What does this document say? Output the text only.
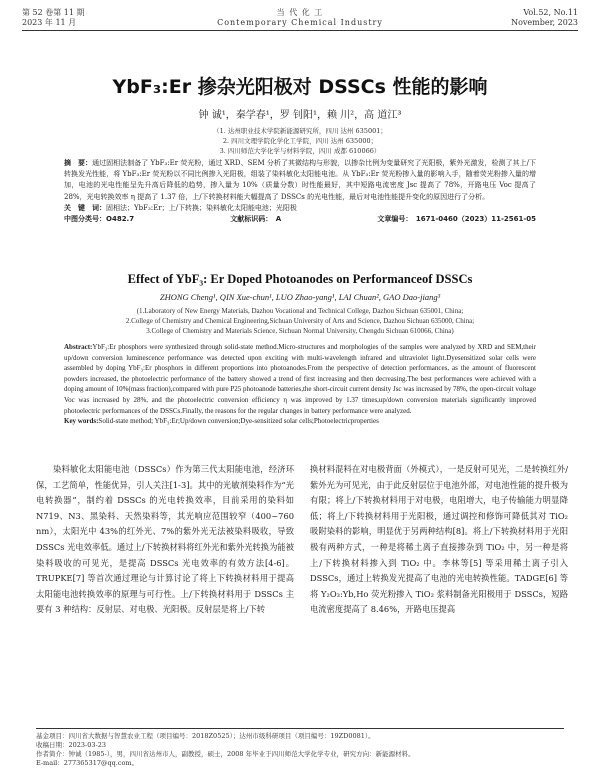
第 52 卷第 11 期
2023 年 11 月
当 代 化 工
Contemporary Chemical Industry
Vol.52, No.11
November, 2023
YbF₃:Er 掺杂光阳极对 DSSCs 性能的影响
钟 诚¹，秦学春¹，罗 钊阳¹，赖 川²，高 道江³
（1. 达州职业技术学院新能源研究所，四川 达州 635001；
2. 四川文理学院化学化工学院，四川 达州 635000；
3. 四川师范大学化学与材料学院，四川 成都 610066）
摘　要：通过固相法制备了 YbF₃:Er 荧光粉，通过 XRD、SEM 分析了其微结构与形貌，以掺杂比例为变量研究了光阳极，紫外光激发，检测了其上/下转换发光性能，将 YbF₃:Er 荧光粉以不同比例掺入光阳极，组装了染料敏化太阳能电池。从 YbF₃:Er 荧光粉掺入量的影响入手，随着荧光粉掺入量的增加，电池的光电性能呈先升高后降低的趋势，掺入量为 10%（质量分数）时性能最好，其中短路电流密度 Jsc 提高了 78%，开路电压 Voc 提高了 28%，光电转换效率 η 提高了 1.37 倍，上/下转换材料能大幅提高了 DSSCs 的光电性能，最后对电池性能提升变化的原因进行了分析。
关　键　词：固相法；YbF₃:Er；上/下转换；染料敏化太阳能电池；光阳极
中图分类号：O482.7	文献标识码：　A	文章编号：　1671-0460（2023）11-2561-05
Effect of YbF₃: Er Doped Photoanodes on Performanceof DSSCs
ZHONG Cheng¹, QIN Xue-chun¹, LUO Zhao-yang¹, LAI Chuan², GAO Dao-jiang³
(1.Laboratory of New Energy Materials, Dazhou Vocational and Technical College, Dazhou Sichuan 635001, China;
2.College of Chemistry and Chemical Engineering,Sichuan University of Arts and Science, Dazhou Sichuan 635000, China;
3.College of Chemistry and Materials Science, Sichuan Normal University, Chengdu Sichuan 610066, China)
Abstract:YbF₃:Er phosphors were synthesized through solid-state method.Micro-structures and morphologies of the samples were analyzed by XRD and SEM,their up/down conversion luminescence performance was detected upon exciting with multi-wavelength infrared and ultraviolet light.Dyesensitized solar cells were assembled by doping YbF₃:Er phosphors in different proportions into photoanodes.From the perspective of detection performances, as the amount of fluorescent powders increased, the photoelectric performance of the battery showed a trend of first increasing and then decreasing.The best performances were achieved with a doping amount of 10%(mass fraction),compared with pure P25 photoanode batteries,the short-circuit current density Jsc was increased by 78%, the open-circuit voltage Voc was increased by 28%, and the photoelectric conversion efficiency η was improved by 1.37 times,up/down conversion materials significantly improved photoelectric performances of the DSSCs.Finally, the reasons for the regular changes in battery performance were analyzed.
Key words:Solid-state method; YbF₃:Er;Up/down conversion;Dye-sensitized solar cells;Photoelectricproperties
　　染料敏化太阳能电池（DSSCs）作为第三代太阳能电池，经济环保，工艺简单，性能优异，引人关注[1-3]。其中的光敏剂染料作为“光电转换器”，制约着 DSSCs 的光电转换效率，目前采用的染料如 N719、N3、黑染料、天然染料等，其光响应范围较窄（400~760 nm），太阳光中 43%的红外光、7%的紫外光无法被染料吸收，导致 DSSCs 光电效率低。通过上/下转换材料将红外光和紫外光转换为能被染料吸收的可见光，是提高 DSSCs 光电效率的有效方法[4-6]。TRUPKE[7] 等首次通过理论与计算讨论了将上下转换材料用于提高太阳能电池转换效率的原理与可行性。上/下转换材料用于 DSSCs 主要有 3 种结构：反射层、对电极、光阳极。反射层是将上/下转
换材料混料在对电极背面（外模式），一是反射可见光，二是转换红外/紫外光为可见光，由于此反射层位于电池外部，对电池性能的提升极为有限；将上/下转换材料用于对电极，电阻增大，电子传输能力明显降低；将上/下转换材料用于光阳极，通过调控和修饰可降低其对 TiO₂ 吸附染料的影响，明显优于另两种结构[8]。将上/下转换材料用于光阳极有两种方式，一种是将稀土离子直接掺杂到 TiO₂ 中，另一种是将上/下转换材料掺入到 TiO₂ 中。李林等[5] 等采用稀土离子引入 DSSCs，通过上转换发光提高了电池的光电转换性能。TADGE[6] 等将 Y₂O₃:Yb,Ho 荧光粉掺入 TiO₂ 浆料制备光阳极用于 DSSCs，短路电流密度提高了 8.46%，开路电压提高
基金项目：四川省大数据与智慧农业工程（项目编号：2018Z0525）；达州市级科研项目（项目编号：19ZD0081）。
收稿日期：2023-03-23
作者简介：钟诚（1985-），男，四川省达州市人，副教授，硕士，2008 年毕业于四川师范大学化学专业，研究方向：新能源材料。
E-mail：277365317@qq.com。
